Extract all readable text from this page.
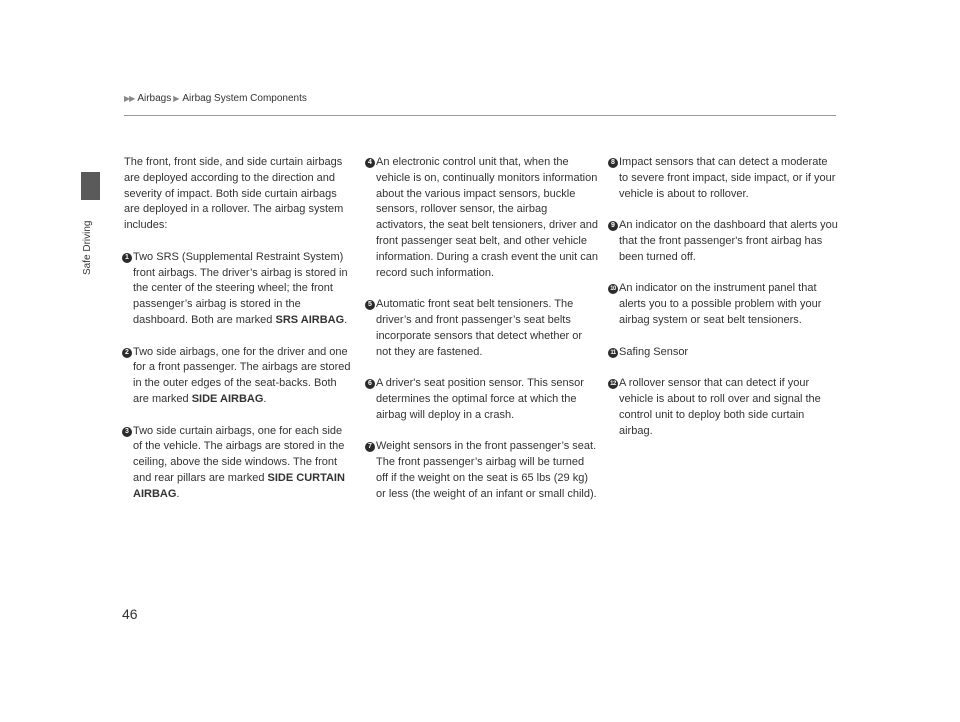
▶▶ Airbags ▶ Airbag System Components
Safe Driving

The front, front side, and side curtain airbags are deployed according to the direction and severity of impact. Both side curtain airbags are deployed in a rollover. The airbag system includes:

1 Two SRS (Supplemental Restraint System) front airbags. The driver’s airbag is stored in the center of the steering wheel; the front passenger’s airbag is stored in the dashboard. Both are marked SRS AIRBAG.

2 Two side airbags, one for the driver and one for a front passenger. The airbags are stored in the outer edges of the seat-backs. Both are marked SIDE AIRBAG.

3 Two side curtain airbags, one for each side of the vehicle. The airbags are stored in the ceiling, above the side windows. The front and rear pillars are marked SIDE CURTAIN AIRBAG.

4 An electronic control unit that, when the vehicle is on, continually monitors information about the various impact sensors, buckle sensors, rollover sensor, the airbag activators, the seat belt tensioners, driver and front passenger seat belt, and other vehicle information. During a crash event the unit can record such information.

5 Automatic front seat belt tensioners. The driver’s and front passenger’s seat belts incorporate sensors that detect whether or not they are fastened.

6 A driver's seat position sensor. This sensor determines the optimal force at which the airbag will deploy in a crash.

7 Weight sensors in the front passenger’s seat. The front passenger’s airbag will be turned off if the weight on the seat is 65 lbs (29 kg) or less (the weight of an infant or small child).

8 Impact sensors that can detect a moderate to severe front impact, side impact, or if your vehicle is about to rollover.

9 An indicator on the dashboard that alerts you that the front passenger's front airbag has been turned off.

10 An indicator on the instrument panel that alerts you to a possible problem with your airbag system or seat belt tensioners.

11 Safing Sensor

12 A rollover sensor that can detect if your vehicle is about to roll over and signal the control unit to deploy both side curtain airbag.

46
